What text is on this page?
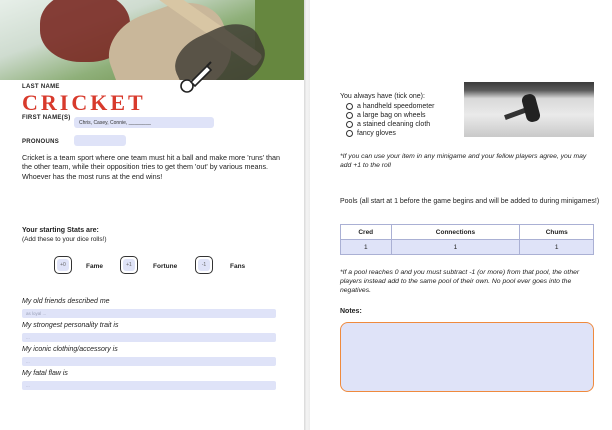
LAST NAME
CRICKET
FIRST NAME(S)
Chris, Casey, Connie, ________
PRONOUNS
Cricket is a team sport where one team must hit a ball and make more 'runs' than the other team, while their opposition tries to get them 'out' by various means. Whoever has the most runs at the end wins!
Your starting Stats are:
(Add these to your dice rolls!)
+0	Fame	+1	Fortune	-1	Fans
My old friends described me
as loyal ...
My strongest personality trait is
...
My iconic clothing/accessory is
...
My fatal flaw is
...
You always have (tick one):
a handheld speedometer
a large bag on wheels
a stained cleaning cloth
fancy gloves
*If you can use your item in any minigame and your fellow players agree, you may add +1 to the roll
Pools (all start at 1 before the game begins and will be added to during minigames!)
Cred	Connections	Chums
1	1	1
*If a pool reaches 0 and you must subtract -1 (or more) from that pool, the other players instead add to the same pool of their own. No pool ever goes into the negatives.
Notes:
